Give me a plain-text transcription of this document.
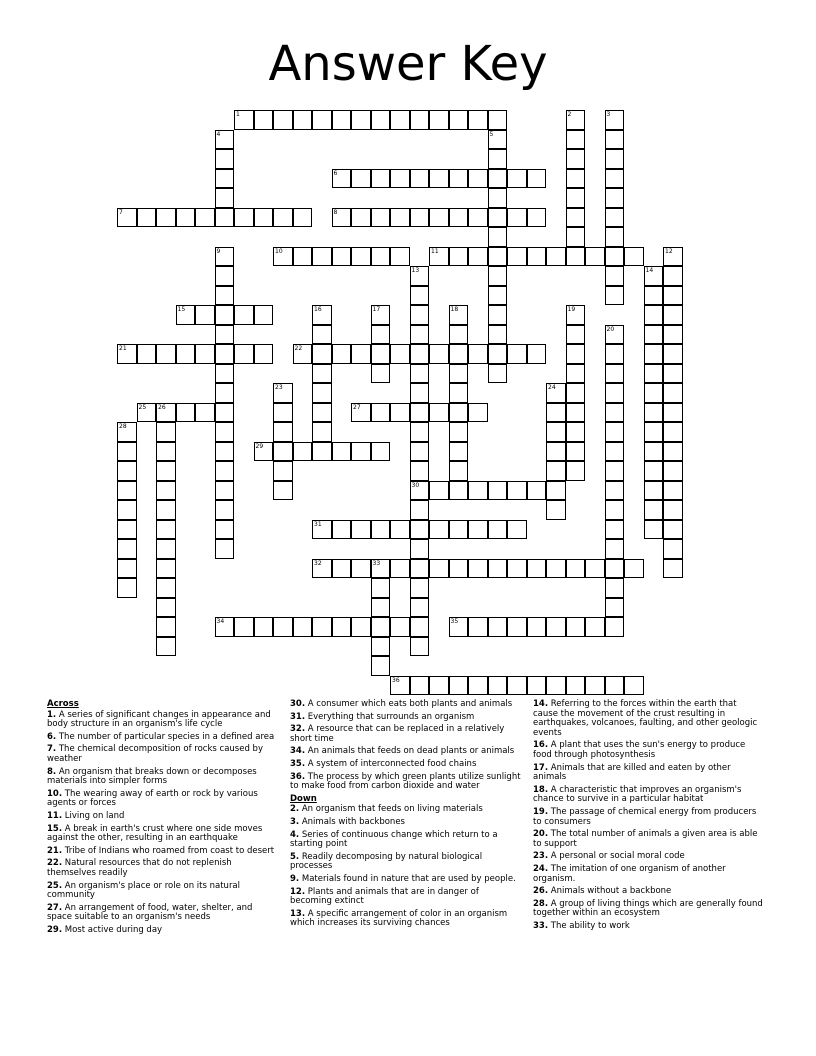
Answer Key
1	2	3
4	5
6
7	8
9	10	11	12
13	14
15	16	17	18	19
20
21	22
23	24
25 26	27
28
29
30
31
32	33
34	35
36
Across
1. A series of significant changes in appearance and body structure in an organism's life cycle
6. The number of particular species in a defined area
7. The chemical decomposition of rocks caused by weather
8. An organism that breaks down or decomposes materials into simpler forms
10. The wearing away of earth or rock by various agents or forces
11. Living on land
15. A break in earth's crust where one side moves against the other, resulting in an earthquake
21. Tribe of Indians who roamed from coast to desert
22. Natural resources that do not replenish themselves readily
25. An organism's place or role on its natural community
27. An arrangement of food, water, shelter, and space suitable to an organism's needs
29. Most active during day
30. A consumer which eats both plants and animals
31. Everything that surrounds an organism
32. A resource that can be replaced in a relatively short time
34. An animals that feeds on dead plants or animals
35. A system of interconnected food chains
36. The process by which green plants utilize sunlight to make food from carbon dioxide and water
Down
2. An organism that feeds on living materials
3. Animals with backbones
4. Series of continuous change which return to a starting point
5. Readily decomposing by natural biological processes
9. Materials found in nature that are used by people.
12. Plants and animals that are in danger of becoming extinct
13. A specific arrangement of color in an organism which increases its surviving chances
14. Referring to the forces within the earth that cause the movement of the crust resulting in earthquakes, volcanoes, faulting, and other geologic events
16. A plant that uses the sun's energy to produce food through photosynthesis
17. Animals that are killed and eaten by other animals
18. A characteristic that improves an organism's chance to survive in a particular habitat
19. The passage of chemical energy from producers to consumers
20. The total number of animals a given area is able to support
23. A personal or social moral code
24. The imitation of one organism of another organism.
26. Animals without a backbone
28. A group of living things which are generally found together within an ecosystem
33. The ability to work
